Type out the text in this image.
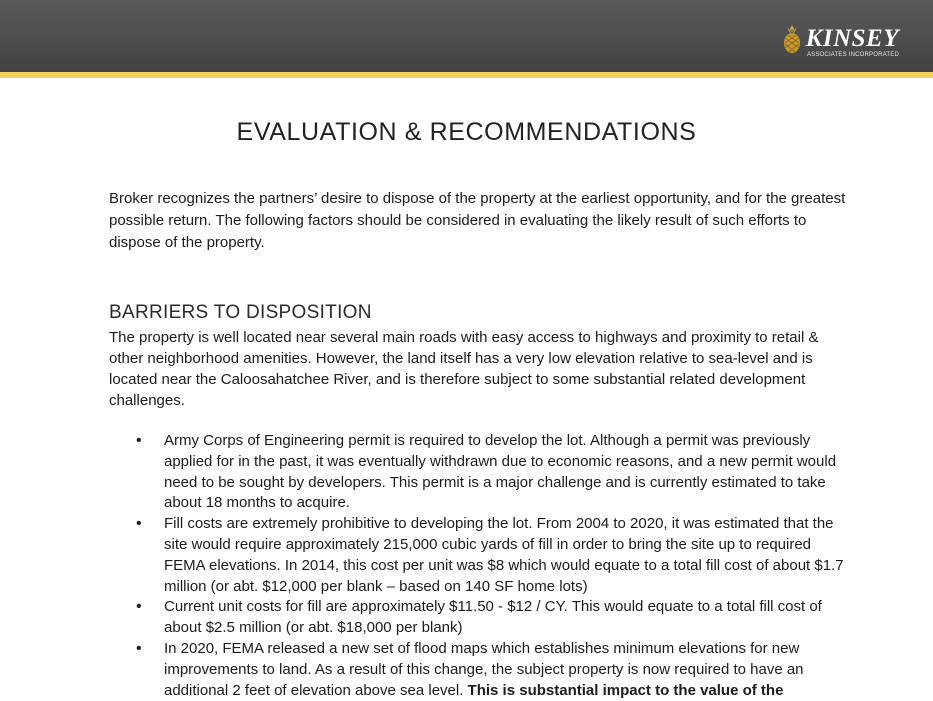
KINSEY
ASSOCIATES INCORPORATED
EVALUATION & RECOMMENDATIONS

Broker recognizes the partners’ desire to dispose of the property at the earliest opportunity, and for the greatest possible return. The following factors should be considered in evaluating the likely result of such efforts to dispose of the property.

BARRIERS TO DISPOSITION

The property is well located near several main roads with easy access to highways and proximity to retail & other neighborhood amenities. However, the land itself has a very low elevation relative to sea-level and is located near the Caloosahatchee River, and is therefore subject to some substantial related development challenges.

• Army Corps of Engineering permit is required to develop the lot. Although a permit was previously applied for in the past, it was eventually withdrawn due to economic reasons, and a new permit would need to be sought by developers. This permit is a major challenge and is currently estimated to take about 18 months to acquire.
• Fill costs are extremely prohibitive to developing the lot. From 2004 to 2020, it was estimated that the site would require approximately 215,000 cubic yards of fill in order to bring the site up to required FEMA elevations. In 2014, this cost per unit was $8 which would equate to a total fill cost of about $1.7 million (or abt. $12,000 per blank – based on 140 SF home lots)
• Current unit costs for fill are approximately $11.50 - $12 / CY. This would equate to a total fill cost of about $2.5 million (or abt. $18,000 per blank)
• In 2020, FEMA released a new set of flood maps which establishes minimum elevations for new improvements to land. As a result of this change, the subject property is now required to have an additional 2 feet of elevation above sea level. This is substantial impact to the value of the
